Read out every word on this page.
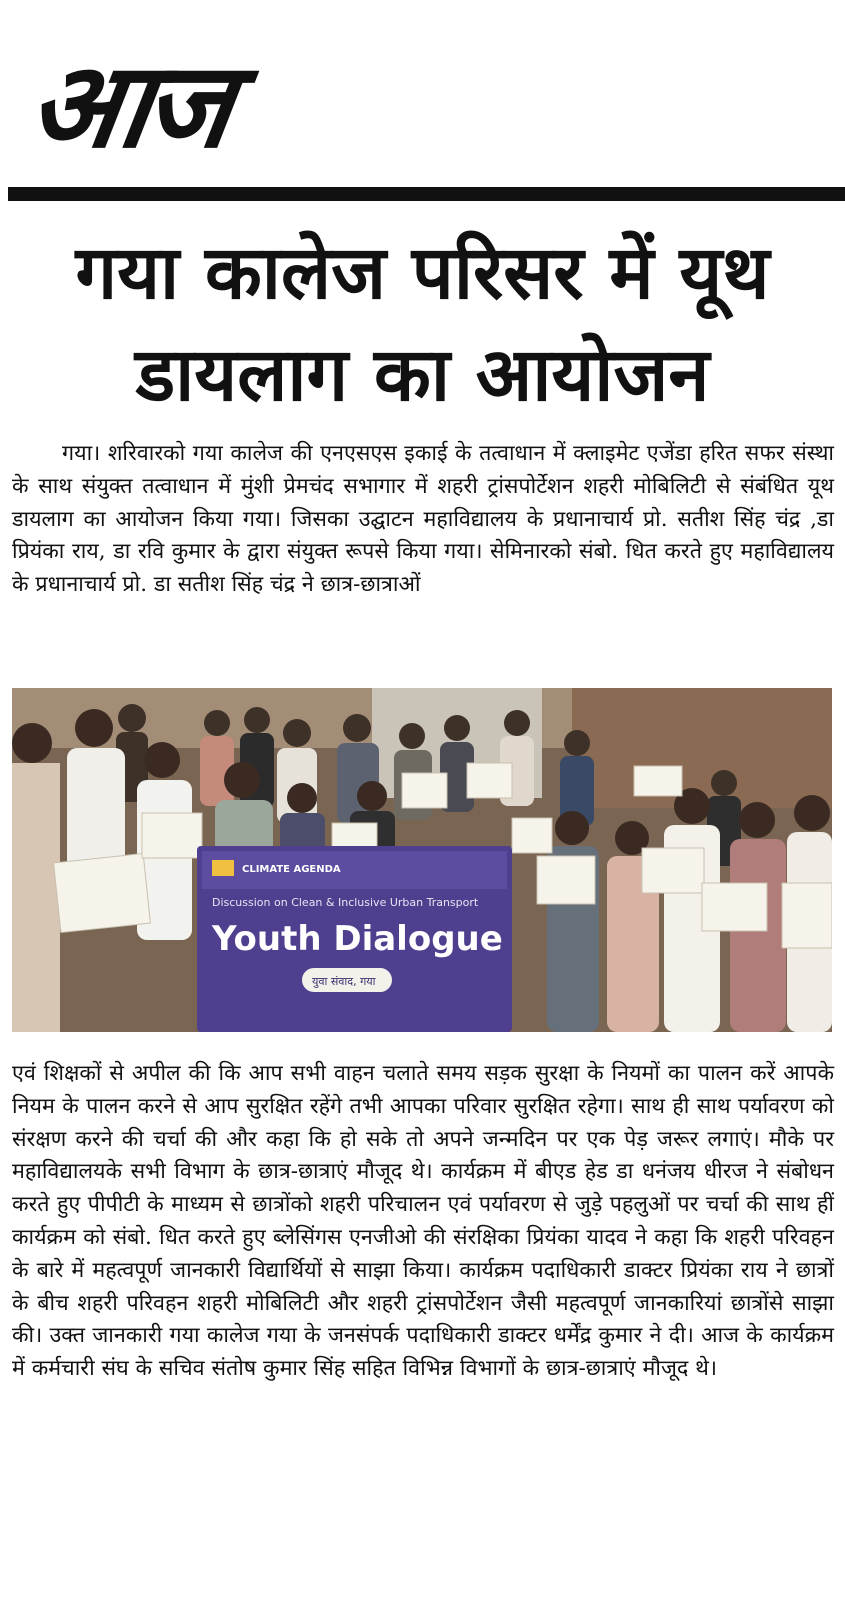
आज
गया कालेज परिसर में यूथ डायलाग का आयोजन
गया। शरिवारको गया कालेज की एनएसएस इकाई के तत्वाधान में क्लाइमेट एजेंडा हरित सफर संस्था के साथ संयुक्त तत्वाधान में मुंशी प्रेमचंद सभागार में शहरी ट्रांसपोर्टेशन शहरी मोबिलिटी से संबंधित यूथ डायलाग का आयोजन किया गया। जिसका उद्घाटन महाविद्यालय के प्रधानाचार्य प्रो. सतीश सिंह चंद्र ,डा प्रियंका राय, डा रवि कुमार के द्वारा संयुक्त रूपसे किया गया। सेमिनारको संबो. धित करते हुए महाविद्यालय के प्रधानाचार्य प्रो. डा सतीश सिंह चंद्र ने छात्र-छात्राओं
CLIMATE AGENDA
Discussion on Clean & Inclusive Urban Transport
Youth Dialogue
युवा संवाद, गया
एवं शिक्षकों से अपील की कि आप सभी वाहन चलाते समय सड़क सुरक्षा के नियमों का पालन करें आपके नियम के पालन करने से आप सुरक्षित रहेंगे तभी आपका परिवार सुरक्षित रहेगा। साथ ही साथ पर्यावरण को संरक्षण करने की चर्चा की और कहा कि हो सके तो अपने जन्मदिन पर एक पेड़ जरूर लगाएं। मौके पर महाविद्यालयके सभी विभाग के छात्र-छात्राएं मौजूद थे। कार्यक्रम में बीएड हेड डा धनंजय धीरज ने संबोधन करते हुए पीपीटी के माध्यम से छात्रोंको शहरी परिचालन एवं पर्यावरण से जुड़े पहलुओं पर चर्चा की साथ हीं कार्यक्रम को संबो. धित करते हुए ब्लेसिंगस एनजीओ की संरक्षिका प्रियंका यादव ने कहा कि शहरी परिवहन के बारे में महत्वपूर्ण जानकारी विद्यार्थियों से साझा किया। कार्यक्रम पदाधिकारी डाक्टर प्रियंका राय ने छात्रों के बीच शहरी परिवहन शहरी मोबिलिटी और शहरी ट्रांसपोर्टेशन जैसी महत्वपूर्ण जानकारियां छात्रोंसे साझा की। उक्त जानकारी गया कालेज गया के जनसंपर्क पदाधिकारी डाक्टर धर्मेंद्र कुमार ने दी। आज के कार्यक्रम में कर्मचारी संघ के सचिव संतोष कुमार सिंह सहित विभिन्न विभागों के छात्र-छात्राएं मौजूद थे।
